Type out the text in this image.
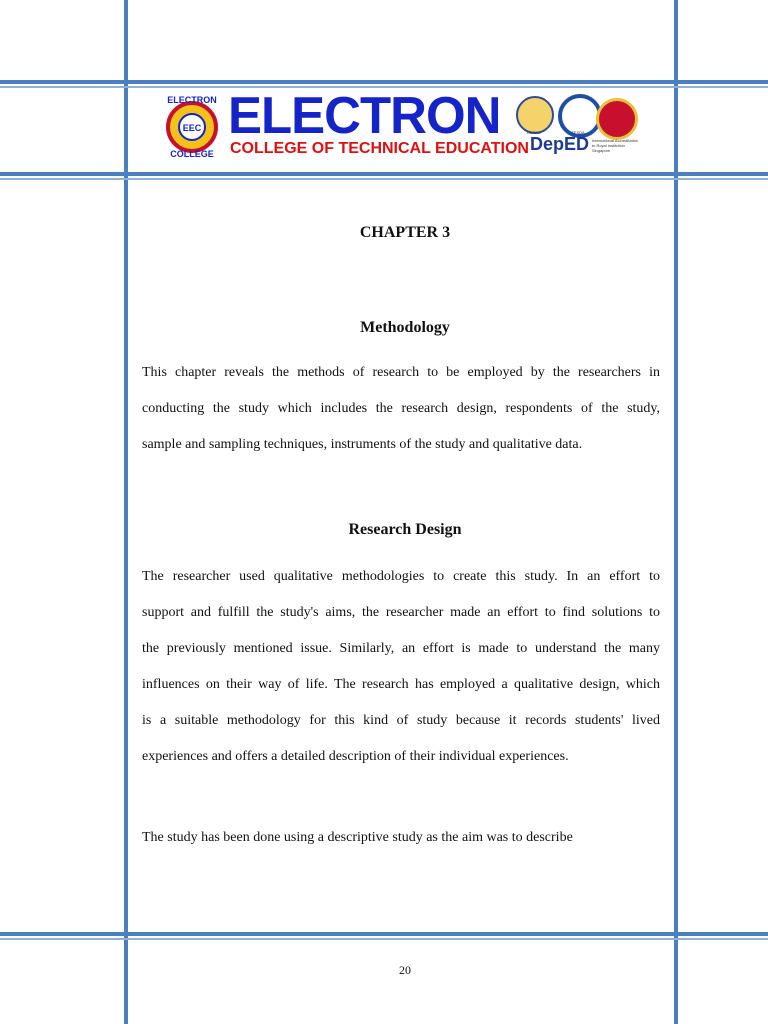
EEC
ELECTRON
COLLEGE
ELECTRON
COLLEGE OF TECHNICAL EDUCATION
DEPED	TESDA
DepED International Accreditation to Royal Institution Singapore
CHAPTER 3
Methodology
This chapter reveals the methods of research to be employed by the researchers in
conducting the study which includes the research design, respondents of the study,
sample and sampling techniques, instruments of the study and qualitative data.
Research Design
The researcher used qualitative methodologies to create this study. In an effort to
support and fulfill the study's aims, the researcher made an effort to find solutions to
the previously mentioned issue. Similarly, an effort is made to understand the many
influences on their way of life. The research has employed a qualitative design, which
is a suitable methodology for this kind of study because it records students' lived
experiences and offers a detailed description of their individual experiences.
The study has been done using a descriptive study as the aim was to describe
20
